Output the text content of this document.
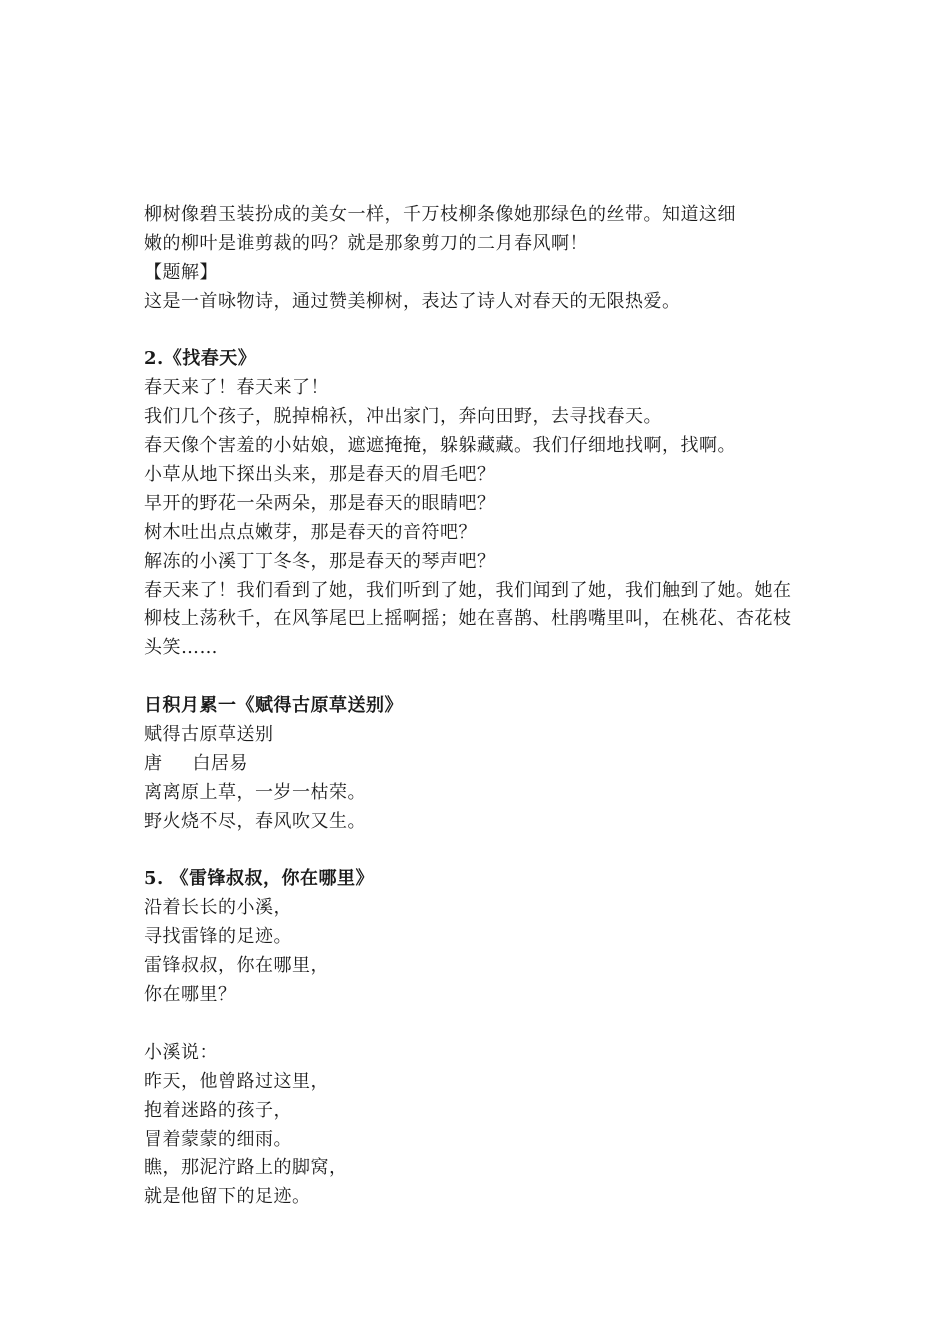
柳树像碧玉装扮成的美女一样，千万枝柳条像她那绿色的丝带。知道这细
嫩的柳叶是谁剪裁的吗？就是那象剪刀的二月春风啊！
【题解】
这是一首咏物诗，通过赞美柳树，表达了诗人对春天的无限热爱。
2.《找春天》
春天来了！春天来了！
我们几个孩子，脱掉棉袄，冲出家门，奔向田野，去寻找春天。
春天像个害羞的小姑娘，遮遮掩掩，躲躲藏藏。我们仔细地找啊，找啊。
小草从地下探出头来，那是春天的眉毛吧？
早开的野花一朵两朵，那是春天的眼睛吧？
树木吐出点点嫩芽，那是春天的音符吧？
解冻的小溪丁丁冬冬，那是春天的琴声吧？
春天来了！我们看到了她，我们听到了她，我们闻到了她，我们触到了她。她在
柳枝上荡秋千，在风筝尾巴上摇啊摇；她在喜鹊、杜鹃嘴里叫，在桃花、杏花枝
头笑……
日积月累一《赋得古原草送别》
赋得古原草送别
唐 白居易
离离原上草，一岁一枯荣。
野火烧不尽，春风吹又生。
5. 《雷锋叔叔，你在哪里》
沿着长长的小溪，
寻找雷锋的足迹。
雷锋叔叔，你在哪里，
你在哪里？
小溪说：
昨天，他曾路过这里，
抱着迷路的孩子，
冒着蒙蒙的细雨。
瞧，那泥泞路上的脚窝，
就是他留下的足迹。
